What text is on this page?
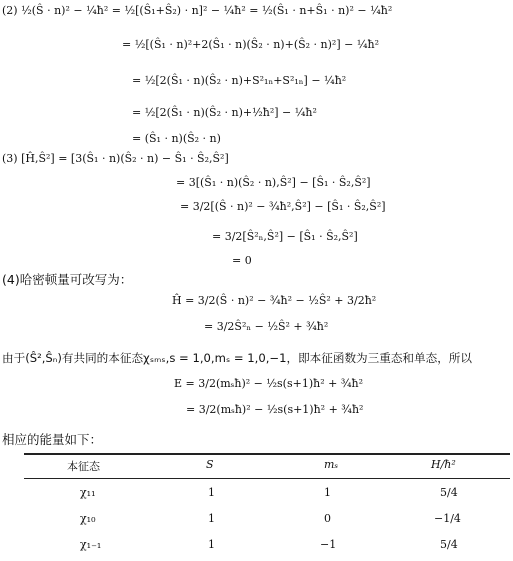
(2) ½(Ŝ · n)² − ¼ħ² = ½[(Ŝ₁+Ŝ₂) · n]² − ¼ħ² = ½(Ŝ₁ · n+Ŝ₁ · n)² − ¼ħ²
= ½[(Ŝ₁ · n)²+2(Ŝ₁ · n)(Ŝ₂ · n)+(Ŝ₂ · n)²] − ¼ħ²
= ½[2(Ŝ₁ · n)(Ŝ₂ · n)+S²₁ₙ+S²₁ₙ] − ¼ħ²
= ½[2(Ŝ₁ · n)(Ŝ₂ · n)+½ħ²] − ¼ħ²
= (Ŝ₁ · n)(Ŝ₂ · n)
(3) [Ĥ,Ŝ²] = [3(Ŝ₁ · n)(Ŝ₂ · n) − Ŝ₁ · Ŝ₂,Ŝ²]
= 3[(Ŝ₁ · n)(Ŝ₂ · n),Ŝ²] − [Ŝ₁ · Ŝ₂,Ŝ²]
= 3/2[(Ŝ · n)² − ¾ħ²,Ŝ²] − [Ŝ₁ · Ŝ₂,Ŝ²]
= 3/2[Ŝ²ₙ,Ŝ²] − [Ŝ₁ · Ŝ₂,Ŝ²]
= 0
(4)哈密顿量可改写为：
Ĥ = 3/2(Ŝ · n)² − ¾ħ² − ½Ŝ² + 3/2ħ²
= 3/2Ŝ²ₙ − ½Ŝ² + ¾ħ²
由于(Ŝ²,Ŝₙ)有共同的本征态χₛₘₛ,s = 1,0,mₛ = 1,0,−1，即本征函数为三重态和单态，所以
E = 3/2(mₛħ)² − ½s(s+1)ħ² + ¾ħ²
= 3/2(mₛħ)² − ½s(s+1)ħ² + ¾ħ²
相应的能量如下：
本征态	S	mₛ	H/ħ²
χ₁₁	1	1	5/4
χ₁₀	1	0	−1/4
χ₁₋₁	1	−1	5/4
